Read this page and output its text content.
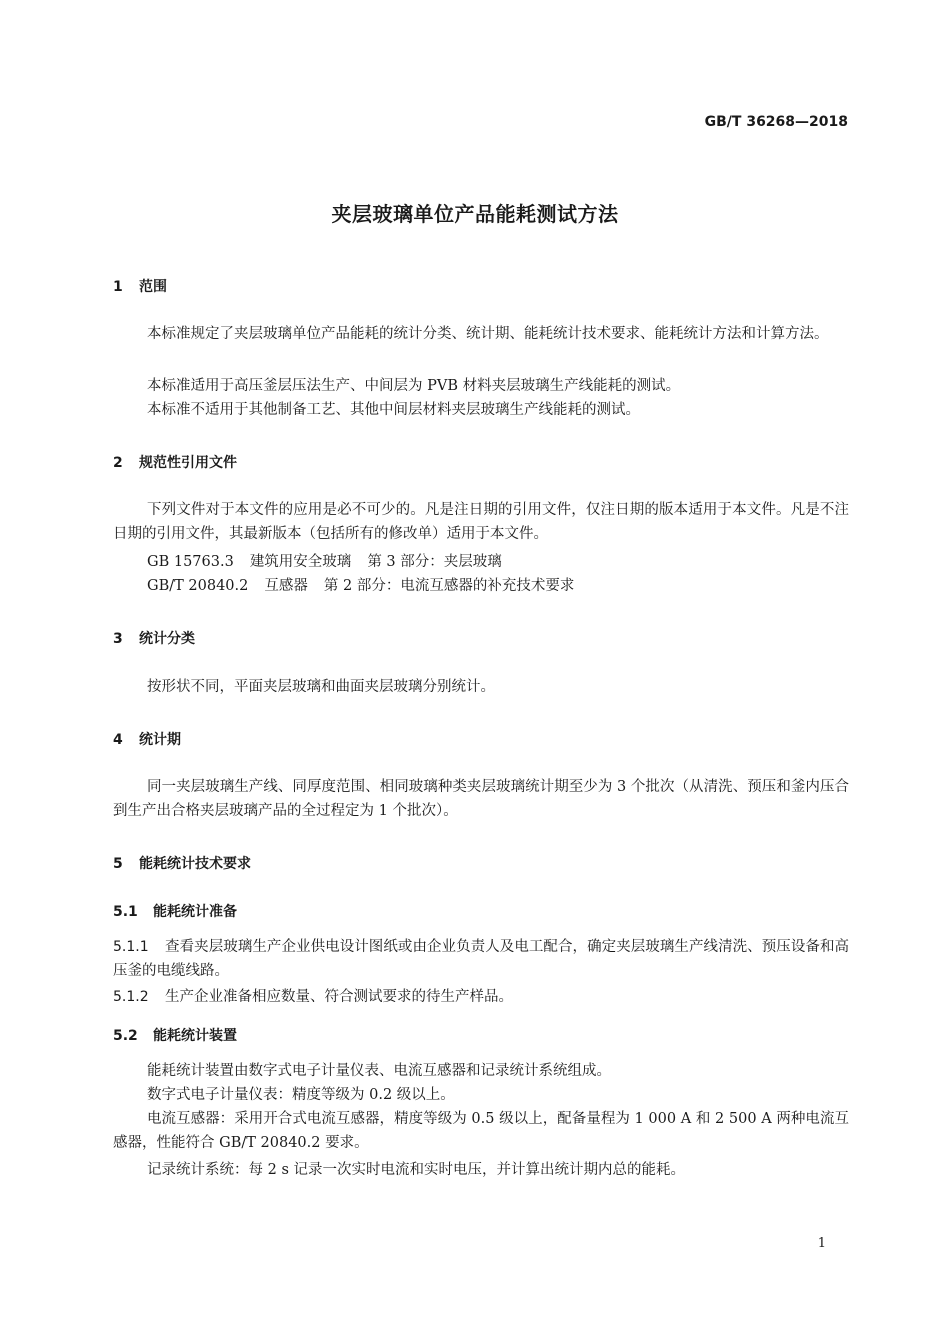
GB/T 36268—2018
夹层玻璃单位产品能耗测试方法
1 范围
本标准规定了夹层玻璃单位产品能耗的统计分类、统计期、能耗统计技术要求、能耗统计方法和计算方法。
本标准适用于高压釜层压法生产、中间层为 PVB 材料夹层玻璃生产线能耗的测试。
本标准不适用于其他制备工艺、其他中间层材料夹层玻璃生产线能耗的测试。
2 规范性引用文件
下列文件对于本文件的应用是必不可少的。凡是注日期的引用文件，仅注日期的版本适用于本文件。凡是不注日期的引用文件，其最新版本（包括所有的修改单）适用于本文件。
GB 15763.3 建筑用安全玻璃 第 3 部分：夹层玻璃
GB/T 20840.2 互感器 第 2 部分：电流互感器的补充技术要求
3 统计分类
按形状不同，平面夹层玻璃和曲面夹层玻璃分别统计。
4 统计期
同一夹层玻璃生产线、同厚度范围、相同玻璃种类夹层玻璃统计期至少为 3 个批次（从清洗、预压和釜内压合到生产出合格夹层玻璃产品的全过程定为 1 个批次）。
5 能耗统计技术要求
5.1 能耗统计准备
5.1.1 查看夹层玻璃生产企业供电设计图纸或由企业负责人及电工配合，确定夹层玻璃生产线清洗、预压设备和高压釜的电缆线路。
5.1.2 生产企业准备相应数量、符合测试要求的待生产样品。
5.2 能耗统计装置
能耗统计装置由数字式电子计量仪表、电流互感器和记录统计系统组成。
数字式电子计量仪表：精度等级为 0.2 级以上。
电流互感器：采用开合式电流互感器，精度等级为 0.5 级以上，配备量程为 1 000 A 和 2 500 A 两种电流互感器，性能符合 GB/T 20840.2 要求。
记录统计系统：每 2 s 记录一次实时电流和实时电压，并计算出统计期内总的能耗。
1
